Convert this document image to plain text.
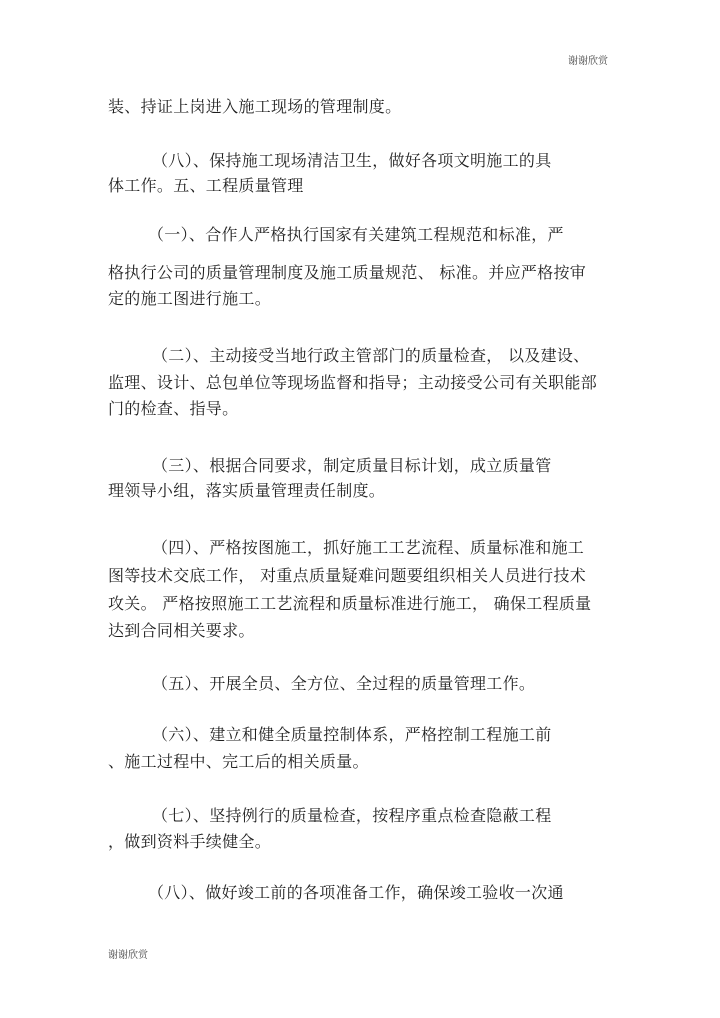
谢谢欣赏
装、持证上岗进入施工现场的管理制度。
（八）、保持施工现场清洁卫生，做好各项文明施工的具
体工作。五、工程质量管理
（一）、合作人严格执行国家有关建筑工程规范和标准，严
格执行公司的质量管理制度及施工质量规范、 标准。并应严格按审
定的施工图进行施工。
（二）、主动接受当地行政主管部门的质量检查， 以及建设、
监理、设计、总包单位等现场监督和指导；主动接受公司有关职能部
门的检查、指导。
（三）、根据合同要求，制定质量目标计划，成立质量管
理领导小组，落实质量管理责任制度。
（四）、严格按图施工，抓好施工工艺流程、质量标准和施工
图等技术交底工作， 对重点质量疑难问题要组织相关人员进行技术
攻关。 严格按照施工工艺流程和质量标准进行施工， 确保工程质量
达到合同相关要求。
（五）、开展全员、全方位、全过程的质量管理工作。
（六）、建立和健全质量控制体系，严格控制工程施工前
、施工过程中、完工后的相关质量。
（七）、坚持例行的质量检查，按程序重点检查隐蔽工程
，做到资料手续健全。
（八）、做好竣工前的各项准备工作，确保竣工验收一次通
谢谢欣赏
